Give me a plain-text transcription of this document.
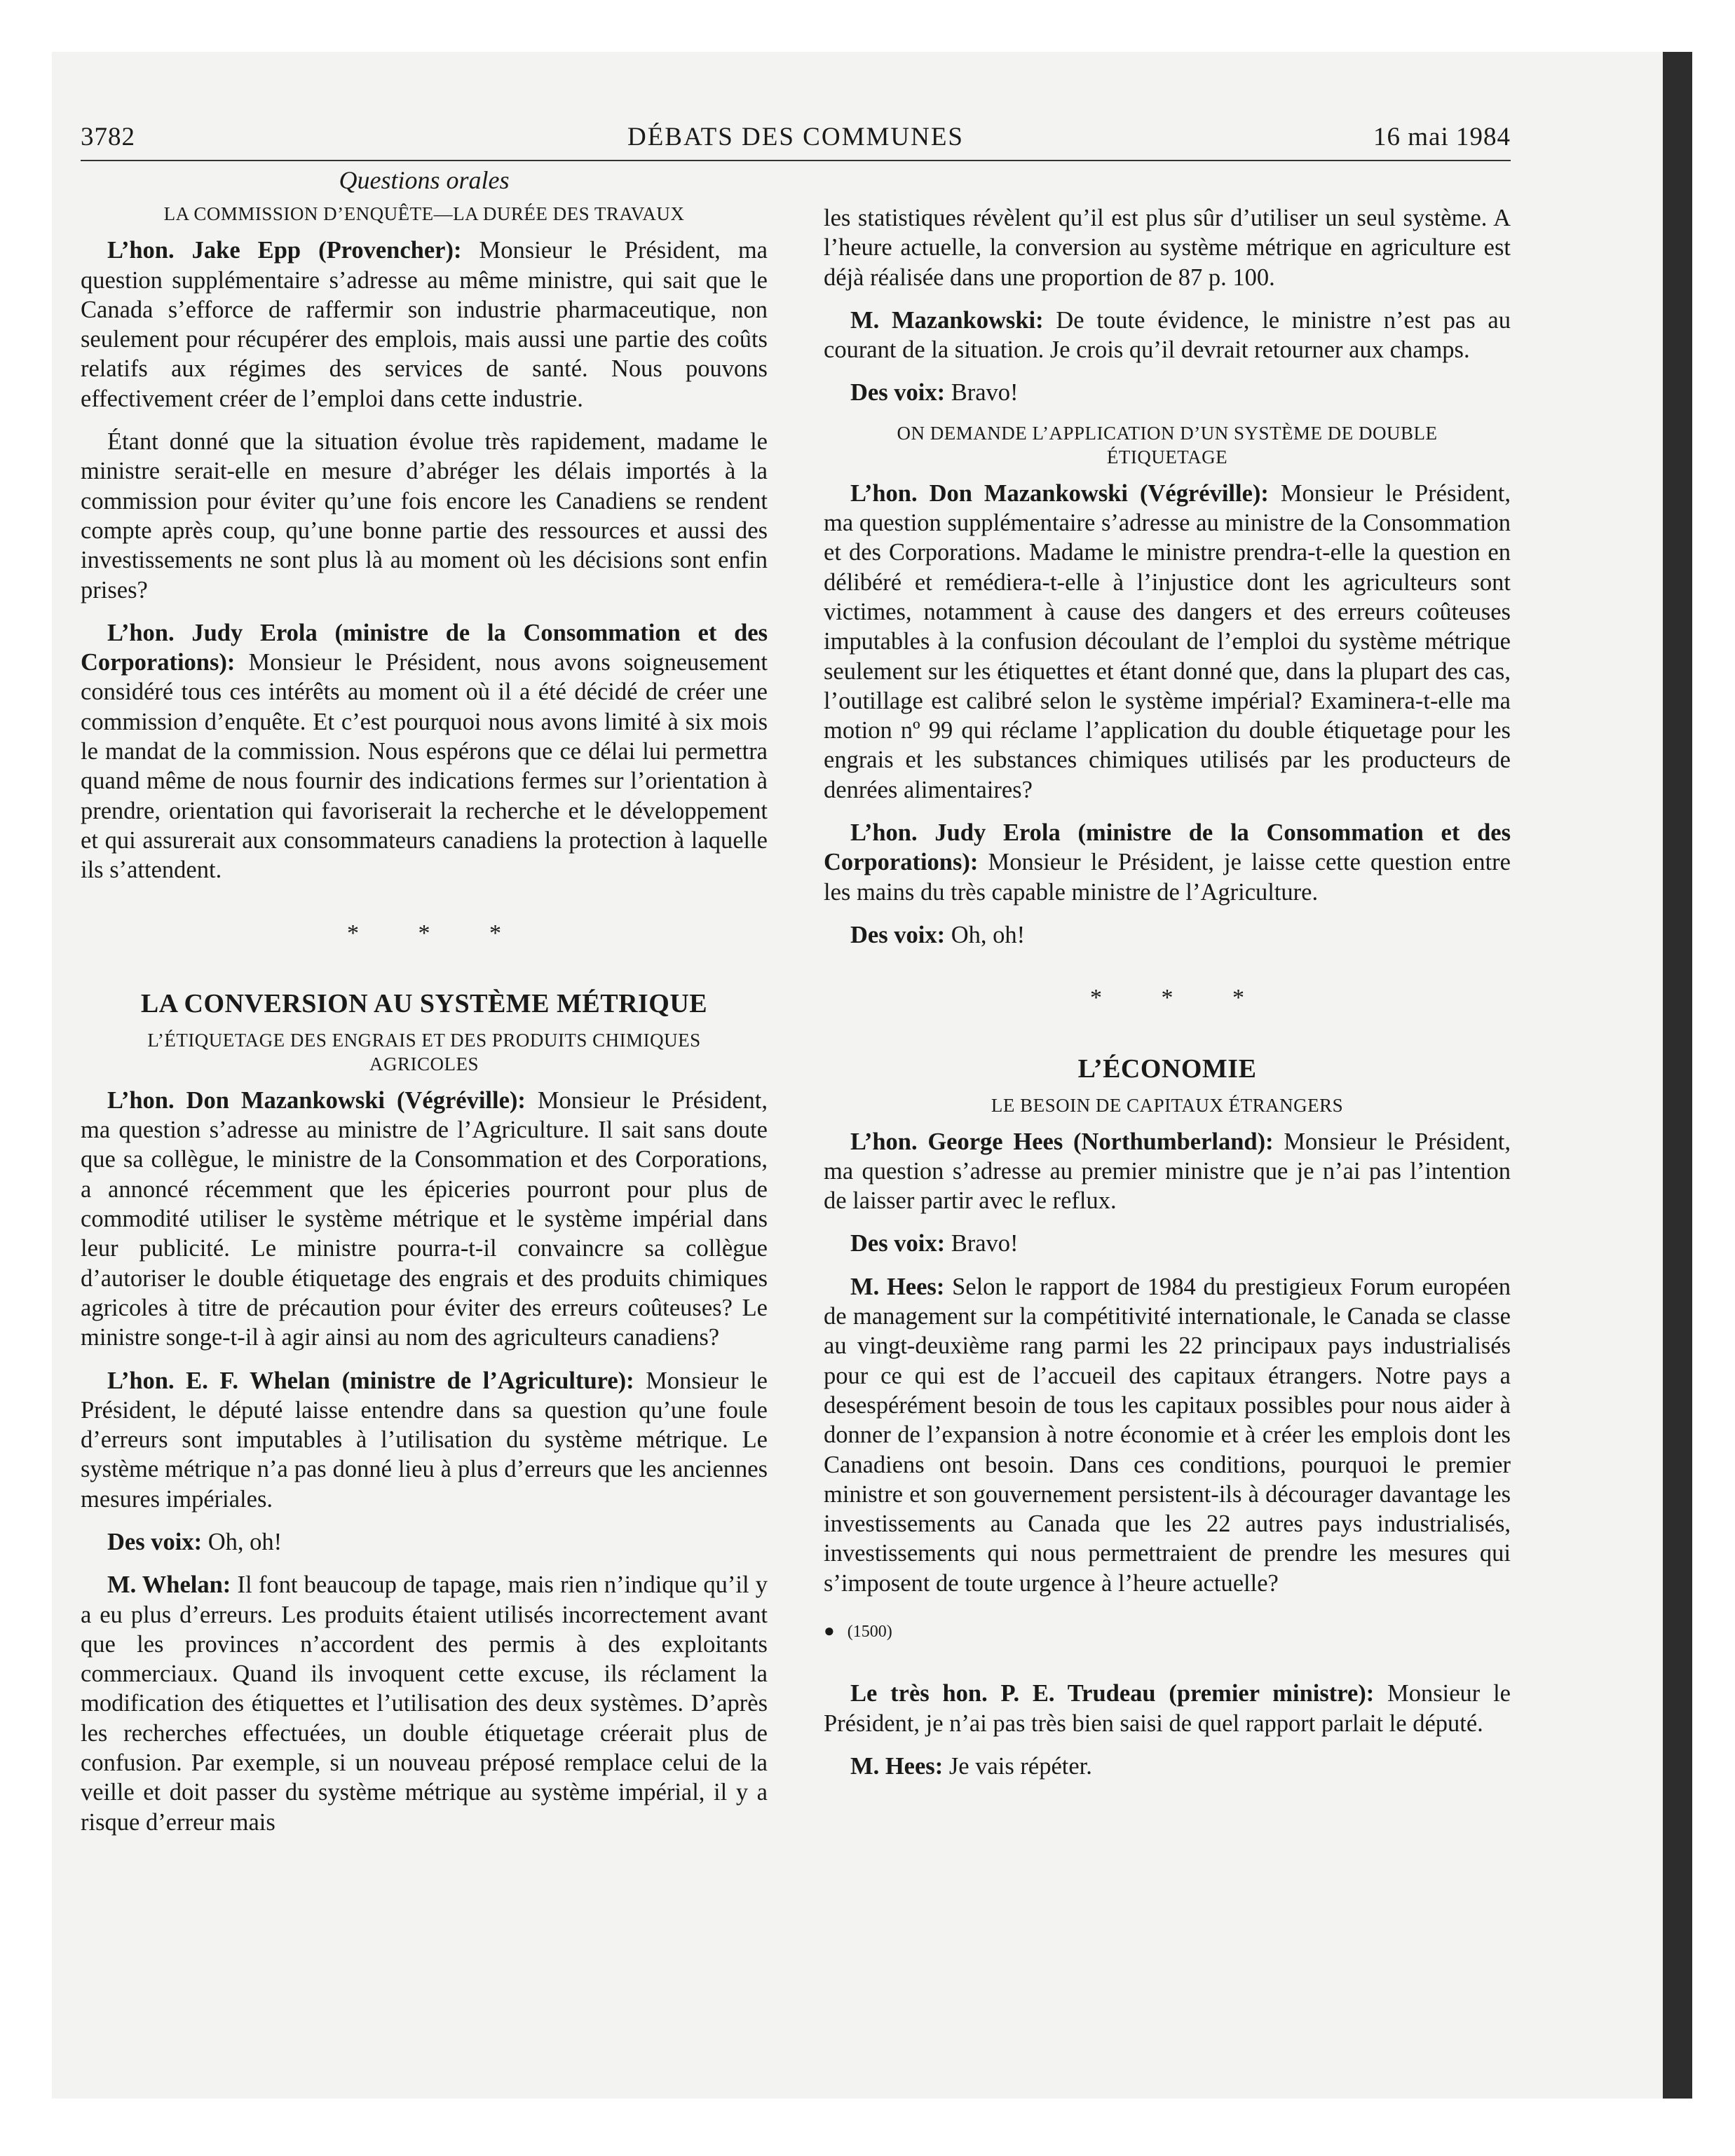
3782	DÉBATS DES COMMUNES	16 mai 1984
Questions orales
LA COMMISSION D’ENQUÊTE—LA DURÉE DES TRAVAUX

L’hon. Jake Epp (Provencher): Monsieur le Président, ma question supplémentaire s’adresse au même ministre, qui sait que le Canada s’efforce de raffermir son industrie pharmaceutique, non seulement pour récupérer des emplois, mais aussi une partie des coûts relatifs aux régimes des services de santé. Nous pouvons effectivement créer de l’emploi dans cette industrie.

Étant donné que la situation évolue très rapidement, madame le ministre serait-elle en mesure d’abréger les délais importés à la commission pour éviter qu’une fois encore les Canadiens se rendent compte après coup, qu’une bonne partie des ressources et aussi des investissements ne sont plus là au moment où les décisions sont enfin prises?

L’hon. Judy Erola (ministre de la Consommation et des Corporations): Monsieur le Président, nous avons soigneusement considéré tous ces intérêts au moment où il a été décidé de créer une commission d’enquête. Et c’est pourquoi nous avons limité à six mois le mandat de la commission. Nous espérons que ce délai lui permettra quand même de nous fournir des indications fermes sur l’orientation à prendre, orientation qui favoriserait la recherche et le développement et qui assurerait aux consommateurs canadiens la protection à laquelle ils s’attendent.

* * *
LA CONVERSION AU SYSTÈME MÉTRIQUE
L’ÉTIQUETAGE DES ENGRAIS ET DES PRODUITS CHIMIQUES AGRICOLES

L’hon. Don Mazankowski (Végréville): Monsieur le Président, ma question s’adresse au ministre de l’Agriculture. Il sait sans doute que sa collègue, le ministre de la Consommation et des Corporations, a annoncé récemment que les épiceries pourront pour plus de commodité utiliser le système métrique et le système impérial dans leur publicité. Le ministre pourra-t-il convaincre sa collègue d’autoriser le double étiquetage des engrais et des produits chimiques agricoles à titre de précaution pour éviter des erreurs coûteuses? Le ministre songe-t-il à agir ainsi au nom des agriculteurs canadiens?

L’hon. E. F. Whelan (ministre de l’Agriculture): Monsieur le Président, le député laisse entendre dans sa question qu’une foule d’erreurs sont imputables à l’utilisation du système métrique. Le système métrique n’a pas donné lieu à plus d’erreurs que les anciennes mesures impériales.

Des voix: Oh, oh!

M. Whelan: Il font beaucoup de tapage, mais rien n’indique qu’il y a eu plus d’erreurs. Les produits étaient utilisés incorrectement avant que les provinces n’accordent des permis à des exploitants commerciaux. Quand ils invoquent cette excuse, ils réclament la modification des étiquettes et l’utilisation des deux systèmes. D’après les recherches effectuées, un double étiquetage créerait plus de confusion. Par exemple, si un nouveau préposé remplace celui de la veille et doit passer du système métrique au système impérial, il y a risque d’erreur mais

les statistiques révèlent qu’il est plus sûr d’utiliser un seul système. A l’heure actuelle, la conversion au système métrique en agriculture est déjà réalisée dans une proportion de 87 p. 100.

M. Mazankowski: De toute évidence, le ministre n’est pas au courant de la situation. Je crois qu’il devrait retourner aux champs.

Des voix: Bravo!

ON DEMANDE L’APPLICATION D’UN SYSTÈME DE DOUBLE ÉTIQUETAGE

L’hon. Don Mazankowski (Végréville): Monsieur le Président, ma question supplémentaire s’adresse au ministre de la Consommation et des Corporations. Madame le ministre prendra-t-elle la question en délibéré et remédiera-t-elle à l’injustice dont les agriculteurs sont victimes, notamment à cause des dangers et des erreurs coûteuses imputables à la confusion découlant de l’emploi du système métrique seulement sur les étiquettes et étant donné que, dans la plupart des cas, l’outillage est calibré selon le système impérial? Examinera-t-elle ma motion nº 99 qui réclame l’application du double étiquetage pour les engrais et les substances chimiques utilisés par les producteurs de denrées alimentaires?

L’hon. Judy Erola (ministre de la Consommation et des Corporations): Monsieur le Président, je laisse cette question entre les mains du très capable ministre de l’Agriculture.

Des voix: Oh, oh!

* * *
L’ÉCONOMIE
LE BESOIN DE CAPITAUX ÉTRANGERS

L’hon. George Hees (Northumberland): Monsieur le Président, ma question s’adresse au premier ministre que je n’ai pas l’intention de laisser partir avec le reflux.

Des voix: Bravo!

M. Hees: Selon le rapport de 1984 du prestigieux Forum européen de management sur la compétitivité internationale, le Canada se classe au vingt-deuxième rang parmi les 22 principaux pays industrialisés pour ce qui est de l’accueil des capitaux étrangers. Notre pays a desespérément besoin de tous les capitaux possibles pour nous aider à donner de l’expansion à notre économie et à créer les emplois dont les Canadiens ont besoin. Dans ces conditions, pourquoi le premier ministre et son gouvernement persistent-ils à décourager davantage les investissements au Canada que les 22 autres pays industrialisés, investissements qui nous permettraient de prendre les mesures qui s’imposent de toute urgence à l’heure actuelle?

● (1500)

Le très hon. P. E. Trudeau (premier ministre): Monsieur le Président, je n’ai pas très bien saisi de quel rapport parlait le député.

M. Hees: Je vais répéter.
